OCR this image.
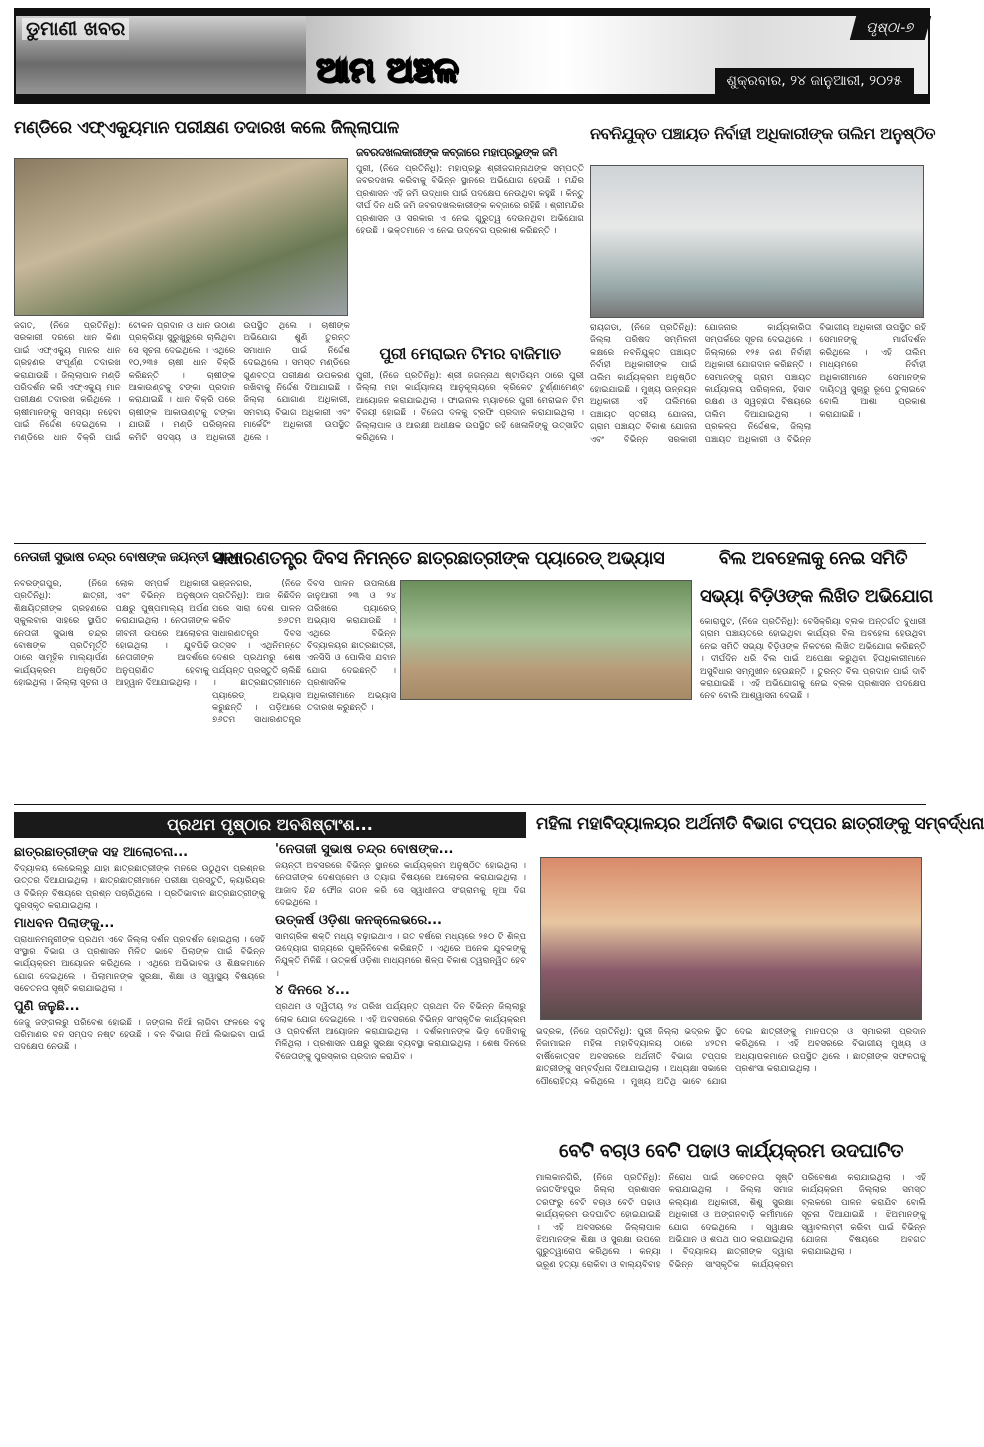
ଡୁମାଣୀ ଖବର
ଆମ ଅଞ୍ଚଳ
ପୃଷ୍ଠା-୭
ଶୁକ୍ରବାର, ୨୪ ଜାନୁଆରୀ, ୨୦୨୫
ମଣ୍ଡିରେ ଏଫ୍‌ଏକ୍ୟୁମାନ ପରୀକ୍ଷଣ ତଦାରଖ କଲେ ଜିଲ୍ଲାପାଳ
ଜଗତ, (ନିଜେ ପ୍ରତିନିଧି): ସରକାରୀ ଦରରେ ଧାନ କିଣା ପାଇଁ ଏଫ୍‌ଏକ୍ୟୁ ମାନର ଧାନ ଗ୍ରହଣର ସଂପୂର୍ଣ୍ଣ ତଦାରଖ କରାଯାଉଛି । ଜିଲ୍ଲାପାଳ ମଣ୍ଡି ପରିଦର୍ଶନ କରି ଏଫ୍‌ଏକ୍ୟୁ ମାନ ପରୀକ୍ଷଣ ତଦାରଖ କରିଥିଲେ । ଚାଷୀମାନଙ୍କୁ ସମସ୍ୟା ନହେବା ପାଇଁ ନିର୍ଦ୍ଦେଶ ଦେଇଥିଲେ । ମଣ୍ଡିରେ ଧାନ ବିକ୍ରି ପାଇଁ ଟୋକନ ପ୍ରଦାନ ଓ ଧାନ ଉଠାଣ ପ୍ରକ୍ରିୟା ସୁରୁଖୁରୁରେ ଚାଲିଥିବା ସେ ସୂଚନା ଦେଇଥିଲେ । ଏଥିରେ ୧୦,୨୩୫ ଚାଷୀ ଧାନ ବିକ୍ରି କରିଛନ୍ତି । ଚାଷୀଙ୍କ ଆକାଉଣ୍ଟକୁ ଟଙ୍କା ପ୍ରଦାନ କରାଯାଇଛି । ଧାନ ବିକ୍ରି ପରେ ଚାଷୀଙ୍କ ଆକାଉଣ୍ଟକୁ ଟଙ୍କା ଯାଉଛି । ମଣ୍ଡି ପରିଚାଳନା କମିଟି ସଦସ୍ୟ ଓ ଅଧିକାରୀ ଉପସ୍ଥିତ ଥିଲେ । ଚାଷୀଙ୍କ ଅଭିଯୋଗ ଶୁଣି ତୁରନ୍ତ ସମାଧାନ ପାଇଁ ନିର୍ଦ୍ଦେଶ ଦେଇଥିଲେ । ସମସ୍ତ ମଣ୍ଡିରେ ଗୁଣବତ୍ତା ପରୀକ୍ଷଣ ଉପକରଣ ରଖିବାକୁ ନିର୍ଦ୍ଦେଶ ଦିଆଯାଇଛି । ଜିଲ୍ଲା ଯୋଗାଣ ଅଧିକାରୀ, ସମବାୟ ବିଭାଗ ଅଧିକାରୀ ଏବଂ ମାର୍କେଟିଂ ଅଧିକାରୀ ଉପସ୍ଥିତ ଥିଲେ ।
ଜବରଦଖଲକାରୀଙ୍କ କବ୍‌ଜାରେ ମହାପ୍ରଭୁଙ୍କ ଜମି
ପୁରୀ, (ନିଜେ ପ୍ରତିନିଧି): ମହାପ୍ରଭୁ ଶ୍ରୀଜଗନ୍ନାଥଙ୍କ ସମ୍ପତ୍ତି ଜବରଦଖଲ କରିବାକୁ ବିଭିନ୍ନ ସ୍ଥାନରେ ଅଭିଯୋଗ ହେଉଛି । ମନ୍ଦିର ପ୍ରଶାସନ ଏହି ଜମି ଉଦ୍ଧାର ପାଇଁ ପଦକ୍ଷେପ ନେଉଥିବା କହୁଛି । କିନ୍ତୁ ଦୀର୍ଘ ଦିନ ଧରି ଜମି ଜବରଦଖଲକାରୀଙ୍କ କବ୍‌ଜାରେ ରହିଛି । ଶ୍ରୀମନ୍ଦିର ପ୍ରଶାସନ ଓ ସରକାର ଏ ନେଇ ଗୁରୁତ୍ୱ ଦେଉନଥିବା ଅଭିଯୋଗ ହେଉଛି । ଭକ୍ତମାନେ ଏ ନେଇ ଉଦ୍‌ବେଗ ପ୍ରକାଶ କରିଛନ୍ତି ।
ପୁରୀ ମେରାଇନ ଟିମର ବାଜିମାତ
ପୁରୀ, (ନିଜେ ପ୍ରତିନିଧି): ଶ୍ରୀ ଜଗନ୍ନାଥ ଷ୍ଟାଡିୟମ ଠାରେ ପୁରୀ ଜିଲ୍ଲା ମହା କାର୍ଯ୍ୟାଳୟ ଆନୁକୂଲ୍ୟରେ କ୍ରିକେଟ ଟୁର୍ଣ୍ଣାମେଣ୍ଟ ଆୟୋଜନ କରାଯାଇଥିଲା । ଫାଇନାଲ ମ୍ୟାଚରେ ପୁରୀ ମେରାଇନ ଟିମ ବିଜୟୀ ହୋଇଛି । ବିଜେତା ଦଳକୁ ଟ୍ରଫି ପ୍ରଦାନ କରାଯାଇଥିଲା । ଜିଲ୍ଲାପାଳ ଓ ଆରକ୍ଷୀ ଅଧୀକ୍ଷକ ଉପସ୍ଥିତ ରହି ଖେଳାଳିଙ୍କୁ ଉତ୍ସାହିତ କରିଥିଲେ ।
ନବନିଯୁକ୍ତ ପଞ୍ଚାୟତ ନିର୍ବାହୀ ଅଧିକାରୀଙ୍କ ତାଲିମ ଅନୁଷ୍ଠିତ
ରାୟଗଡା, (ନିଜେ ପ୍ରତିନିଧି): ଜିଲ୍ଲା ପରିଷଦ ସମ୍ମିଳନୀ କକ୍ଷରେ ନବନିଯୁକ୍ତ ପଞ୍ଚାୟତ ନିର୍ବାହୀ ଅଧିକାରୀଙ୍କ ପାଇଁ ତାଲିମ କାର୍ଯ୍ୟକ୍ରମ ଅନୁଷ୍ଠିତ ହୋଇଯାଇଛି । ମୁଖ୍ୟ ଉନ୍ନୟନ ଅଧିକାରୀ ଏହି ତାଲିମରେ ପଞ୍ଚାୟତ ସ୍ତରୀୟ ଯୋଜନା, ଗ୍ରାମ ପଞ୍ଚାୟତ ବିକାଶ ଯୋଜନା ଏବଂ ବିଭିନ୍ନ ସରକାରୀ ଯୋଜନାର କାର୍ଯ୍ୟକାରିତା ସମ୍ପର୍କରେ ସୂଚନା ଦେଇଥିଲେ । ଜିଲ୍ଲାରେ ୧୨୫ ଜଣ ନିର୍ବାହୀ ଅଧିକାରୀ ଯୋଗଦାନ କରିଛନ୍ତି । ସେମାନଙ୍କୁ ଗ୍ରାମ ପଞ୍ଚାୟତ କାର୍ଯ୍ୟାଳୟ ପରିଚାଳନା, ହିସାବ ରକ୍ଷଣ ଓ ସ୍ୱଚ୍ଛତା ବିଷୟରେ ତାଲିମ ଦିଆଯାଇଥିଲା । ପ୍ରକଳ୍ପ ନିର୍ଦ୍ଦେଶକ, ଜିଲ୍ଲା ପଞ୍ଚାୟତ ଅଧିକାରୀ ଓ ବିଭିନ୍ନ ବିଭାଗୀୟ ଅଧିକାରୀ ଉପସ୍ଥିତ ରହି ସେମାନଙ୍କୁ ମାର୍ଗଦର୍ଶନ କରିଥିଲେ । ଏହି ତାଲିମ ମାଧ୍ୟମରେ ନିର୍ବାହୀ ଅଧିକାରୀମାନେ ସେମାନଙ୍କ ଦାୟିତ୍ୱ ସୁଚାରୁ ରୂପେ ତୁଲାଇବେ ବୋଲି ଆଶା ପ୍ରକାଶ କରାଯାଇଛି ।
ନେତାଜୀ ସୁଭାଷ ଚନ୍ଦ୍ର ବୋଷଙ୍କ ଜୟନ୍ତୀ ପାଳନ
ନବରଙ୍ଗପୁର, (ନିଜେ ପ୍ରତିନିଧି): ଛାତ୍ରୀ, ଶିକ୍ଷୟିତ୍ରୀଙ୍କ ଗ୍ରହଣରେ ସ୍କୁଲବାର ସାହରେ ସ୍ଥାପିତ ନେତାଜୀ ସୁଭାଷ ଚନ୍ଦ୍ର ବୋଷଙ୍କ ପ୍ରତିମୂର୍ତ୍ତି ଠାରେ ସାମୂହିକ ମାଲ୍ୟାର୍ପଣ କାର୍ଯ୍ୟକ୍ରମ ଅନୁଷ୍ଠିତ ହୋଇଥିଲା । ଜିଲ୍ଲା ସୂଚନା ଓ ଲୋକ ସମ୍ପର୍କ ଅଧିକାରୀ ଏବଂ ବିଭିନ୍ନ ଅନୁଷ୍ଠାନ ପକ୍ଷରୁ ପୁଷ୍ପମାଲ୍ୟ ଅର୍ପଣ କରାଯାଇଥିଲା । ନେତାଜୀଙ୍କ ଜୀବନୀ ଉପରେ ଆଲୋଚନା ହୋଇଥିଲା । ଯୁବପିଢି ନେତାଜୀଙ୍କ ଆଦର୍ଶରେ ଅନୁପ୍ରାଣିତ ହେବାକୁ ଆହ୍ୱାନ ଦିଆଯାଇଥିଲା ।
ସାଧାରଣତନ୍ତ୍ର ଦିବସ ନିମନ୍ତେ ଛାତ୍ରଛାତ୍ରୀଙ୍କ ପ୍ୟାରେଡ୍ ଅଭ୍ୟାସ
ଭଞ୍ଜନଗର, (ନିଜେ ପ୍ରତିନିଧି): ଆଜ କିଛିଦିନ ପରେ ସାରା ଦେଶ ପାଳନ କରିବ ୭୬ତମ ସାଧାରଣତନ୍ତ୍ର ଦିବସ ଉତ୍ସବ । ଏଥିନିମନ୍ତେ ଦେଶର ପ୍ରଥମରୁ ଶେଷ ପର୍ଯ୍ୟନ୍ତ ପ୍ରସ୍ତୁତି ଚାଲିଛି । ଛାତ୍ରଛାତ୍ରୀମାନେ ପ୍ୟାରେଡ୍ ଅଭ୍ୟାସ କରୁଛନ୍ତି । ପଡ଼ିଆରେ ୭୬ତମ ସାଧାରଣତନ୍ତ୍ର ଦିବସ ପାଳନ ଉପଲକ୍ଷେ ଜାନୁଆରୀ ୨୩ ଓ ୨୪ ତାରିଖରେ ପ୍ୟାରେଡ୍ ଅଭ୍ୟାସ କରାଯାଉଛି । ଏଥିରେ ବିଭିନ୍ନ ବିଦ୍ୟାଳୟର ଛାତ୍ରଛାତ୍ରୀ, ଏନସିସି ଓ ପୋଲିସ ଯବାନ ଯୋଗ ଦେଇଛନ୍ତି । ପ୍ରଶାସନିକ ଅଧିକାରୀମାନେ ଅଭ୍ୟାସ ତଦାରଖ କରୁଛନ୍ତି ।
ବିଲ ଅବହେଳାକୁ ନେଇ ସମିତି
ସଭ୍ୟା ବିଡ଼ିଓଙ୍କ ଲିଖିତ ଅଭିଯୋଗ
କୋରାପୁଟ, (ନିଜେ ପ୍ରତିନିଧି): ବେସିକ୍ରିୟା ବ୍ଲକ ଅନ୍ତର୍ଗତ ବୁଧାରୀ ଗ୍ରାମ ପଞ୍ଚାୟତରେ ହୋଇଥିବା କାର୍ଯ୍ୟର ବିଲ ଅବହେଳା ହେଉଥିବା ନେଇ ସମିତି ସଭ୍ୟା ବିଡ଼ିଓଙ୍କ ନିକଟରେ ଲିଖିତ ଅଭିଯୋଗ କରିଛନ୍ତି । ଦୀର୍ଘଦିନ ଧରି ବିଲ ପାଇଁ ଅପେକ୍ଷା କରୁଥିବା ହିତାଧିକାରୀମାନେ ଅସୁବିଧାର ସମ୍ମୁଖୀନ ହେଉଛନ୍ତି । ତୁରନ୍ତ ବିଲ ପ୍ରଦାନ ପାଇଁ ଦାବି କରାଯାଇଛି । ଏହି ଅଭିଯୋଗକୁ ନେଇ ବ୍ଲକ ପ୍ରଶାସନ ପଦକ୍ଷେପ ନେବ ବୋଲି ଆଶ୍ୱାସନା ଦେଇଛି ।
ପ୍ରଥମ ପୃଷ୍ଠାର ଅବଶିଷ୍ଟାଂଶ...
ଛାତ୍ରଛାତ୍ରୀଙ୍କ ସହ ଆଲୋଚନା...
ବିଦ୍ୟାଳୟ ଲେଭେଲ୍‌ରୁ ଯାହା ଛାତ୍ରଛାତ୍ରୀଙ୍କ ମନରେ ଉଠୁଥିବା ପ୍ରଶ୍ନର ଉତ୍ତର ଦିଆଯାଇଥିଲା । ଛାତ୍ରଛାତ୍ରୀମାନେ ପରୀକ୍ଷା ପ୍ରସ୍ତୁତି, କ୍ୟାରିୟର ଓ ବିଭିନ୍ନ ବିଷୟରେ ପ୍ରଶ୍ନ ପଚାରିଥିଲେ । ପ୍ରତିଭାବାନ ଛାତ୍ରଛାତ୍ରୀଙ୍କୁ ପୁରସ୍କୃତ କରାଯାଇଥିଲା ।
ମାଧବନ ପିଲାଙ୍କୁ...
ପ୍ରାଧାନମନ୍ତ୍ରୀଙ୍କ ପ୍ରଥମ ଏବେ ଜିଲ୍ଲା ଦର୍ଶନ ପ୍ରଦର୍ଶନ ହୋଇଥିଲା । ସେହି ସଂସ୍ଥାର ବିଭାଗ ଓ ପ୍ରଶାସନ ମିଳିତ ଭାବେ ପିଲାଙ୍କ ପାଇଁ ବିଭିନ୍ନ କାର୍ଯ୍ୟକ୍ରମ ଆୟୋଜନ କରିଥିଲେ । ଏଥିରେ ଅଭିଭାବକ ଓ ଶିକ୍ଷକମାନେ ଯୋଗ ଦେଇଥିଲେ । ପିଲାମାନଙ୍କ ସୁରକ୍ଷା, ଶିକ୍ଷା ଓ ସ୍ୱାସ୍ଥ୍ୟ ବିଷୟରେ ସଚେତନତା ସୃଷ୍ଟି କରାଯାଇଥିଲା ।
ପୁଣି ଜଳୁଛି...
ଜେଜୁ ଜଙ୍ଗଲରୁ ପରିବେଶ ହୋଇଛି । ଜଙ୍ଗଲ ନିଆଁ ଲାଗିବା ଫଳରେ ବହୁ ପରିମାଣର ବନ ସମ୍ପଦ ନଷ୍ଟ ହେଉଛି । ବନ ବିଭାଗ ନିଆଁ ଲିଭାଇବା ପାଇଁ ପଦକ୍ଷେପ ନେଉଛି ।
'ନେତାଜୀ ସୁଭାଷ ଚନ୍ଦ୍ର ବୋଷଙ୍କ...
ଜୟନ୍ତୀ ଅବସରରେ ବିଭିନ୍ନ ସ୍ଥାନରେ କାର୍ଯ୍ୟକ୍ରମ ଅନୁଷ୍ଠିତ ହୋଇଥିଲା । ନେତାଜୀଙ୍କ ଦେଶପ୍ରେମ ଓ ତ୍ୟାଗ ବିଷୟରେ ଆଲୋଚନା କରାଯାଇଥିଲା । ଆଜାଦ ହିନ୍ଦ ଫୌଜ ଗଠନ କରି ସେ ସ୍ୱାଧୀନତା ସଂଗ୍ରାମକୁ ନୂଆ ଦିଗ ଦେଇଥିଲେ ।
ଉତ୍କର୍ଷ ଓଡ଼ିଶା କନକ୍ଲେଭରେ...
ସାମଗ୍ରିକ ଶକ୍ତି ମଧ୍ୟ ବଢ଼ାଇଥାଏ । ଗତ ବର୍ଷରେ ମଧ୍ୟରେ ୨୫୦ ଟି ଶିଳ୍ପ ଉଦ୍ୟୋଗ ରାଜ୍ୟରେ ପୁଞ୍ଜିନିବେଶ କରିଛନ୍ତି । ଏଥିରେ ଅନେକ ଯୁବକଙ୍କୁ ନିଯୁକ୍ତି ମିଳିଛି । ଉତ୍କର୍ଷ ଓଡ଼ିଶା ମାଧ୍ୟମରେ ଶିଳ୍ପ ବିକାଶ ତ୍ୱରାନ୍ୱିତ ହେବ ।
୪ ଦିନରେ ୪...
ପ୍ରଥମ ଓ ଦ୍ୱିତୀୟ ୨୪ ତାରିଖ ପର୍ଯ୍ୟନ୍ତ ପ୍ରଥମ ଦିନ ବିଭିନ୍ନ ଜିଲ୍ଲାରୁ ଲୋକ ଯୋଗ ଦେଇଥିଲେ । ଏହି ଅବସରରେ ବିଭିନ୍ନ ସାଂସ୍କୃତିକ କାର୍ଯ୍ୟକ୍ରମ ଓ ପ୍ରଦର୍ଶନୀ ଆୟୋଜନ କରାଯାଇଥିଲା । ଦର୍ଶକମାନଙ୍କ ଭିଡ଼ ଦେଖିବାକୁ ମିଳିଥିଲା । ପ୍ରଶାସନ ପକ୍ଷରୁ ସୁରକ୍ଷା ବ୍ୟବସ୍ଥା କରାଯାଇଥିଲା । ଶେଷ ଦିନରେ ବିଜେତାଙ୍କୁ ପୁରସ୍କାର ପ୍ରଦାନ କରାଯିବ ।
ମହିଳା ମହାବିଦ୍ୟାଳୟର ଅର୍ଥନୀତି ବିଭାଗ ଟପ୍ପର ଛାତ୍ରୀଙ୍କୁ ସମ୍ବର୍ଦ୍ଧନା
ଭଦ୍ରକ, (ନିଜେ ପ୍ରତିନିଧି): ପୁରୀ ଜିଲ୍ଲା ଭଦ୍ରକ ସ୍ଥିତ ନିଜାମାଇନ ମହିଳା ମହାବିଦ୍ୟାଳୟ ଠାରେ ୪୨ତମ ବାର୍ଷିକୋତ୍ସବ ଅବସରରେ ଅର୍ଥନୀତି ବିଭାଗ ଟପ୍ପର ଛାତ୍ରୀଙ୍କୁ ସମ୍ବର୍ଦ୍ଧନା ଦିଆଯାଇଥିଲା । ଅଧ୍ୟକ୍ଷା ସଭାରେ ପୌରୋହିତ୍ୟ କରିଥିଲେ । ମୁଖ୍ୟ ଅତିଥି ଭାବେ ଯୋଗ ଦେଇ ଛାତ୍ରୀଙ୍କୁ ମାନପତ୍ର ଓ ସ୍ମାରକୀ ପ୍ରଦାନ କରିଥିଲେ । ଏହି ଅବସରରେ ବିଭାଗୀୟ ମୁଖ୍ୟ ଓ ଅଧ୍ୟାପକମାନେ ଉପସ୍ଥିତ ଥିଲେ । ଛାତ୍ରୀଙ୍କ ସଫଳତାକୁ ପ୍ରଶଂସା କରାଯାଇଥିଲା ।
ବେଟି ବଚାଓ ବେଟି ପଢାଓ କାର୍ଯ୍ୟକ୍ରମ ଉଦଘାଟିତ
ମାଲକାନଗିରି, (ନିଜେ ପ୍ରତିନିଧି): ଜଗତସିଂହପୁର ଜିଲ୍ଲା ପ୍ରଶାସନ ତରଫରୁ ବେଟି ବଚାଓ ବେଟି ପଢାଓ କାର୍ଯ୍ୟକ୍ରମ ଉଦଘାଟିତ ହୋଇଯାଇଛି । ଏହି ଅବସରରେ ଜିଲ୍ଲାପାଳ ଝିଅମାନଙ୍କ ଶିକ୍ଷା ଓ ସୁରକ୍ଷା ଉପରେ ଗୁରୁତ୍ୱାରୋପ କରିଥିଲେ । କନ୍ୟା ଭ୍ରୂଣ ହତ୍ୟା ରୋକିବା ଓ ବାଲ୍ୟବିବାହ ନିରୋଧ ପାଇଁ ସଚେତନତା ସୃଷ୍ଟି କରାଯାଇଥିଲା । ଜିଲ୍ଲା ସମାଜ କଲ୍ୟାଣ ଅଧିକାରୀ, ଶିଶୁ ସୁରକ୍ଷା ଅଧିକାରୀ ଓ ଅଙ୍ଗନବାଡ଼ି କର୍ମୀମାନେ ଯୋଗ ଦେଇଥିଲେ । ସ୍ୱାକ୍ଷର ଅଭିଯାନ ଓ ଶପଥ ପାଠ କରାଯାଇଥିଲା । ବିଦ୍ୟାଳୟ ଛାତ୍ରୀଙ୍କ ଦ୍ୱାରା ବିଭିନ୍ନ ସାଂସ୍କୃତିକ କାର୍ଯ୍ୟକ୍ରମ ପରିବେଷଣ କରାଯାଇଥିଲା । ଏହି କାର୍ଯ୍ୟକ୍ରମ ଜିଲ୍ଲାର ସମସ୍ତ ବ୍ଲକରେ ପାଳନ କରାଯିବ ବୋଲି ସୂଚନା ଦିଆଯାଇଛି । ଝିଅମାନଙ୍କୁ ସ୍ୱାବଲମ୍ବୀ କରିବା ପାଇଁ ବିଭିନ୍ନ ଯୋଜନା ବିଷୟରେ ଅବଗତ କରାଯାଇଥିଲା ।
